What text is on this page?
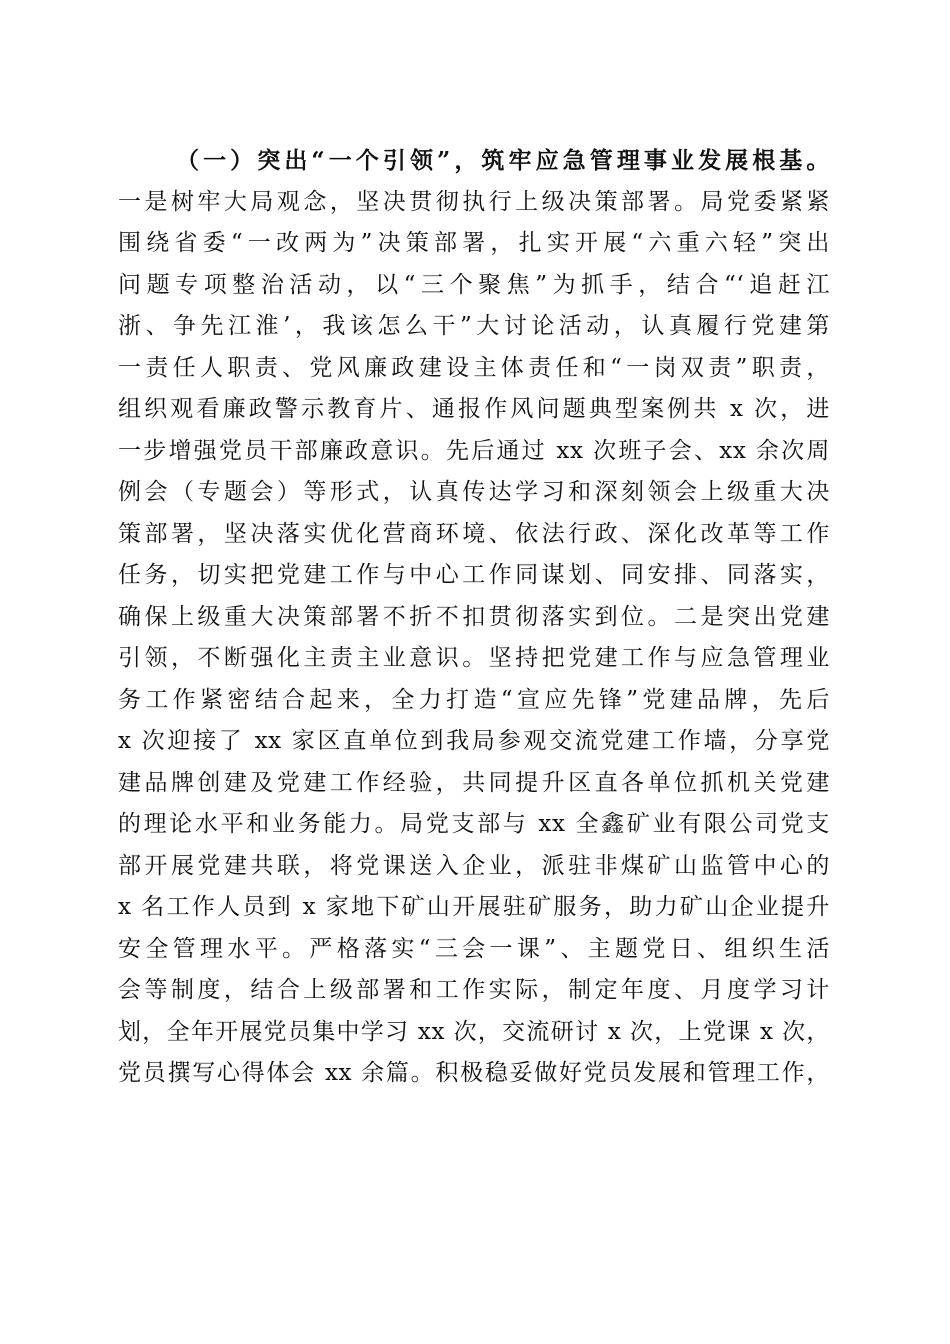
（一）突出“一个引领”，筑牢应急管理事业发展根基。
一是树牢大局观念，坚决贯彻执行上级决策部署。局党委紧紧
围绕省委“一改两为”决策部署，扎实开展“六重六轻”突出
问题专项整治活动，以“三个聚焦”为抓手，结合“‘追赶江
浙、争先江淮’，我该怎么干”大讨论活动，认真履行党建第
一责任人职责、党风廉政建设主体责任和“一岗双责”职责，
组织观看廉政警示教育片、通报作风问题典型案例共 x 次，进
一步增强党员干部廉政意识。先后通过 xx 次班子会、xx 余次周
例会（专题会）等形式，认真传达学习和深刻领会上级重大决
策部署，坚决落实优化营商环境、依法行政、深化改革等工作
任务，切实把党建工作与中心工作同谋划、同安排、同落实，
确保上级重大决策部署不折不扣贯彻落实到位。二是突出党建
引领，不断强化主责主业意识。坚持把党建工作与应急管理业
务工作紧密结合起来，全力打造“宣应先锋”党建品牌，先后
x 次迎接了 xx 家区直单位到我局参观交流党建工作墙，分享党
建品牌创建及党建工作经验，共同提升区直各单位抓机关党建
的理论水平和业务能力。局党支部与 xx 全鑫矿业有限公司党支
部开展党建共联，将党课送入企业，派驻非煤矿山监管中心的
x 名工作人员到 x 家地下矿山开展驻矿服务，助力矿山企业提升
安全管理水平。严格落实“三会一课”、主题党日、组织生活
会等制度，结合上级部署和工作实际，制定年度、月度学习计
划，全年开展党员集中学习 xx 次，交流研讨 x 次，上党课 x 次，
党员撰写心得体会 xx 余篇。积极稳妥做好党员发展和管理工作，
